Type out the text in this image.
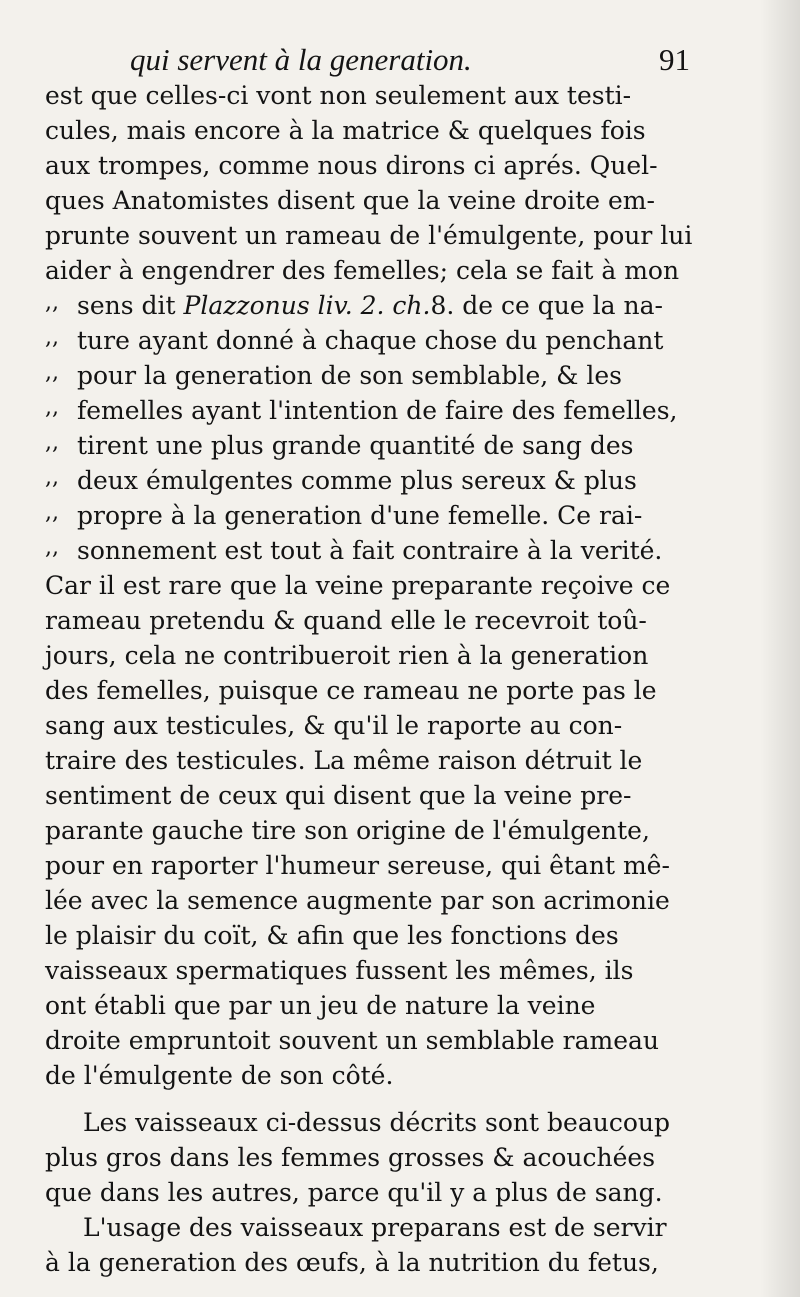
qui servent à la generation.	91
est que celles-ci vont non seulement aux testi-
cules, mais encore à la matrice & quelques fois
aux trompes, comme nous dirons ci aprés. Quel-
ques Anatomistes disent que la veine droite em-
prunte souvent un rameau de l'émulgente, pour lui
aider à engendrer des femelles; cela se fait à mon
,, sens dit Plazzonus liv. 2. ch.8. de ce que la na-
,, ture ayant donné à chaque chose du penchant
,, pour la generation de son semblable, & les
,, femelles ayant l'intention de faire des femelles,
,, tirent une plus grande quantité de sang des
,, deux émulgentes comme plus sereux & plus
,, propre à la generation d'une femelle. Ce rai-
,, sonnement est tout à fait contraire à la verité.
Car il est rare que la veine preparante reçoive ce
rameau pretendu & quand elle le recevroit toû-
jours, cela ne contribueroit rien à la generation
des femelles, puisque ce rameau ne porte pas le
sang aux testicules, & qu'il le raporte au con-
traire des testicules. La même raison détruit le
sentiment de ceux qui disent que la veine pre-
parante gauche tire son origine de l'émulgente,
pour en raporter l'humeur sereuse, qui êtant mê-
lée avec la semence augmente par son acrimonie
le plaisir du coït, & afin que les fonctions des
vaisseaux spermatiques fussent les mêmes, ils
ont établi que par un jeu de nature la veine
droite empruntoit souvent un semblable rameau
de l'émulgente de son côté.
Les vaisseaux ci-dessus décrits sont beaucoup
plus gros dans les femmes grosses & acouchées
que dans les autres, parce qu'il y a plus de sang.
L'usage des vaisseaux preparans est de servir
à la generation des œufs, à la nutrition du fetus,
